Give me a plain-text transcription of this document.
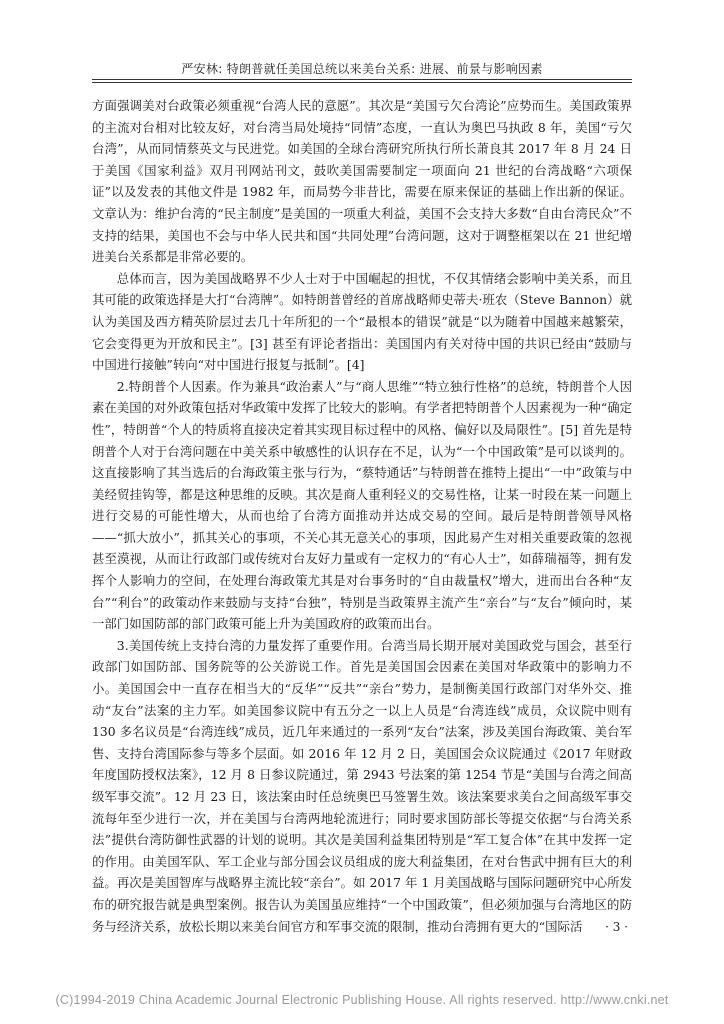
严安林: 特朗普就任美国总统以来美台关系: 进展、前景与影响因素

方面强调美对台政策必须重视“台湾人民的意愿”。其次是“美国亏欠台湾论”应势而生。美国政策界的主流对台相对比较友好，对台湾当局处境持“同情”态度，一直认为奥巴马执政 8 年，美国“亏欠台湾”，从而同情蔡英文与民进党。如美国的全球台湾研究所执行所长萧良其 2017 年 8 月 24 日于美国《国家利益》双月刊网站刊文，鼓吹美国需要制定一项面向 21 世纪的台湾战略“六项保证”以及发表的其他文件是 1982 年，而局势今非昔比，需要在原来保证的基础上作出新的保证。文章认为：维护台湾的“民主制度”是美国的一项重大利益，美国不会支持大多数“自由台湾民众”不支持的结果，美国也不会与中华人民共和国“共同处理”台湾问题，这对于调整框架以在 21 世纪增进美台关系都是非常必要的。

总体而言，因为美国战略界不少人士对于中国崛起的担忧，不仅其情绪会影响中美关系，而且其可能的政策选择是大打“台湾牌”。如特朗普曾经的首席战略师史蒂夫·班农（Steve Bannon）就认为美国及西方精英阶层过去几十年所犯的一个“最根本的错误”就是“以为随着中国越来越繁荣，它会变得更为开放和民主”。[3] 甚至有评论者指出：美国国内有关对待中国的共识已经由“鼓励与中国进行接触”转向“对中国进行报复与抵制”。[4]

2.特朗普个人因素。作为兼具“政治素人”与“商人思维”“特立独行性格”的总统，特朗普个人因素在美国的对外政策包括对华政策中发挥了比较大的影响。有学者把特朗普个人因素视为一种“确定性”，特朗普“个人的特质将直接决定着其实现目标过程中的风格、偏好以及局限性”。[5] 首先是特朗普个人对于台湾问题在中美关系中敏感性的认识存在不足，认为“一个中国政策”是可以谈判的。这直接影响了其当选后的台海政策主张与行为，“蔡特通话”与特朗普在推特上提出“一中”政策与中美经贸挂钩等，都是这种思维的反映。其次是商人重利轻义的交易性格，让某一时段在某一问题上进行交易的可能性增大，从而也给了台湾方面推动并达成交易的空间。最后是特朗普领导风格——“抓大放小”，抓其关心的事项，不关心其无意关心的事项，因此易产生对相关重要政策的忽视甚至漠视，从而让行政部门或传统对台友好力量或有一定权力的“有心人士”，如薛瑞福等，拥有发挥个人影响力的空间，在处理台海政策尤其是对台事务时的“自由裁量权”增大，进而出台各种“友台”“利台”的政策动作来鼓励与支持“台独”，特别是当政策界主流产生“亲台”与“友台”倾向时，某一部门如国防部的部门政策可能上升为美国政府的政策而出台。

3.美国传统上支持台湾的力量发挥了重要作用。台湾当局长期开展对美国政党与国会，甚至行政部门如国防部、国务院等的公关游说工作。首先是美国国会因素在美国对华政策中的影响力不小。美国国会中一直存在相当大的“反华”“反共”“亲台”势力，是制衡美国行政部门对华外交、推动“友台”法案的主力军。如美国参议院中有五分之一以上人员是“台湾连线”成员，众议院中则有 130 多名议员是“台湾连线”成员，近几年来通过的一系列“友台”法案，涉及美国台海政策、美台军售、支持台湾国际参与等多个层面。如 2016 年 12 月 2 日，美国国会众议院通过《2017 年财政年度国防授权法案》，12 月 8 日参议院通过，第 2943 号法案的第 1254 节是“美国与台湾之间高级军事交流”。12 月 23 日，该法案由时任总统奥巴马签署生效。该法案要求美台之间高级军事交流每年至少进行一次，并在美国与台湾两地轮流进行；同时要求国防部长等提交依据“与台湾关系法”提供台湾防御性武器的计划的说明。其次是美国利益集团特别是“军工复合体”在其中发挥一定的作用。由美国军队、军工企业与部分国会议员组成的庞大利益集团，在对台售武中拥有巨大的利益。再次是美国智库与战略界主流比较“亲台”。如 2017 年 1 月美国战略与国际问题研究中心所发布的研究报告就是典型案例。报告认为美国虽应维持“一个中国政策”，但必须加强与台湾地区的防务与经济关系，放松长期以来美台间官方和军事交流的限制，推动台湾拥有更大的“国际活	· 3 ·
(C)1994-2019 China Academic Journal Electronic Publishing House. All rights reserved. http://www.cnki.net
